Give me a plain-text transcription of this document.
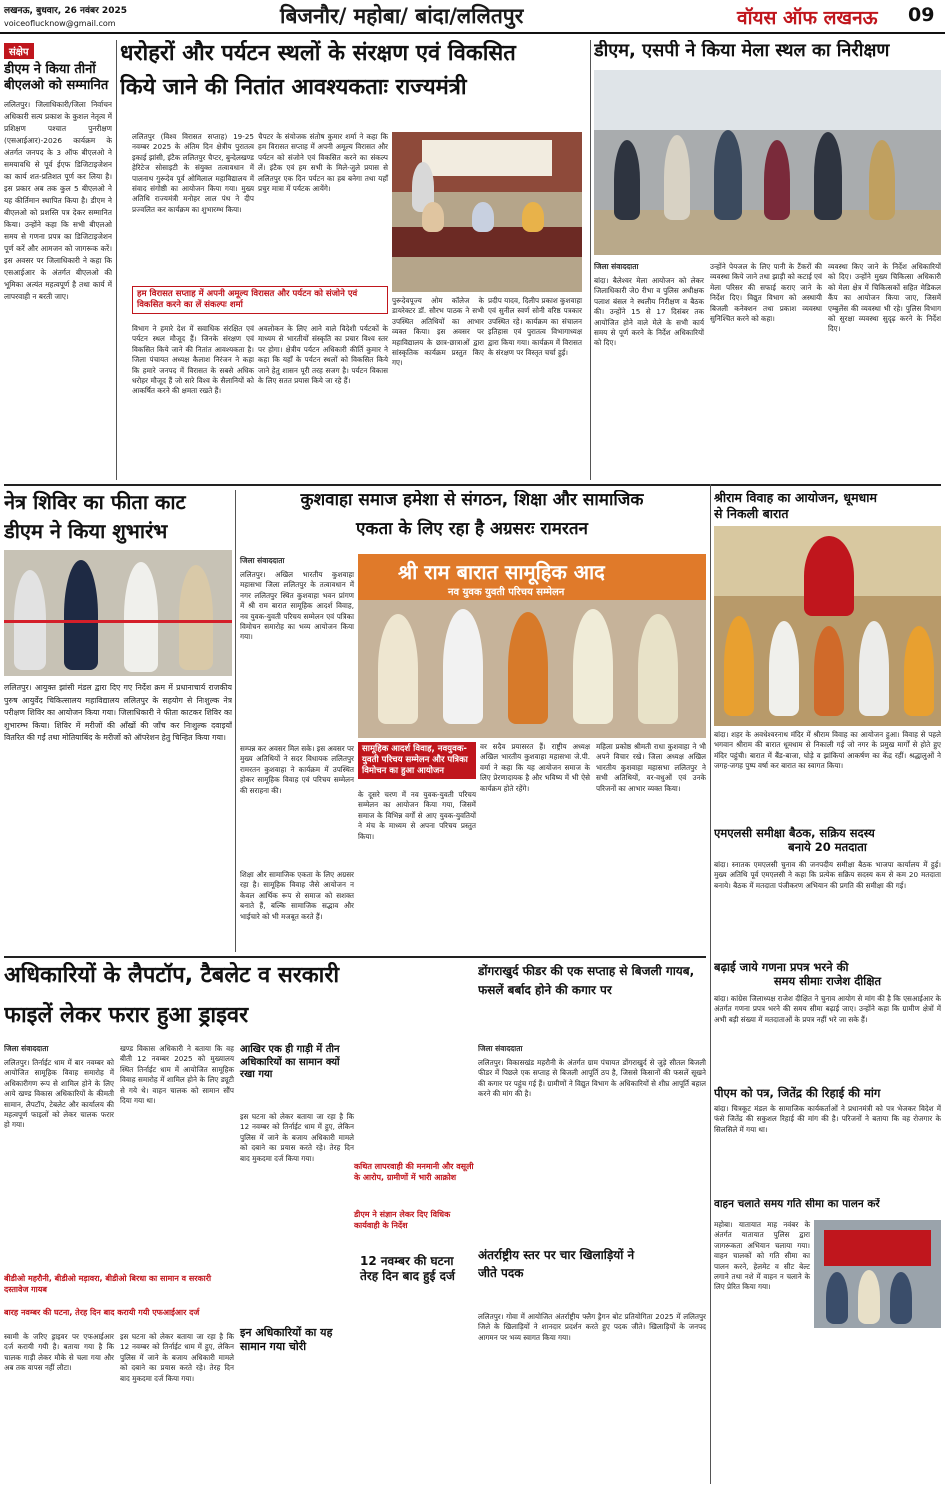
लखनऊ, बुधवार, 26 नवंबर 2025
voiceoflucknow@gmail.com	बिजनौर/ महोबा/ बांदा/ललितपुर	वॉयस ऑफ लखनऊ 09
संक्षेप
डीएम ने किया तीनों बीएलओ को सम्मानित
ललितपुर। जिलाधिकारी/जिला निर्वाचन अधिकारी सत्य प्रकाश के कुशल नेतृत्व में प्रशिक्षण पश्चात पुनरीक्षण (एसआईआर)-2026 कार्यक्रम के अंतर्गत जनपद के 3 ऑफ बीएलओ ने समयावधि से पूर्व ईएफ डिजिटाइजेशन का कार्य शत-प्रतिशत पूर्ण कर लिया है। इस प्रकार अब तक कुल 5 बीएलओ ने यह कीर्तिमान स्थापित किया है। डीएम ने बीएलओ को प्रशस्ति पत्र देकर सम्मानित किया। उन्होंने कहा कि सभी बीएलओ समय से गणना प्रपत्र का डिजिटाइजेशन पूर्ण करें और आमजन को जागरूक करें। इस अवसर पर जिलाधिकारी ने कहा कि एसआईआर के अंतर्गत बीएलओ की भूमिका अत्यंत महत्वपूर्ण है तथा कार्य में लापरवाही न बरती जाए।
धरोहरों और पर्यटन स्थलों के संरक्षण एवं विकसित
किये जाने की नितांत आवश्यकताः राज्यमंत्री
ललितपुर (विश्व विरासत सप्ताह) 19-25 नवम्बर 2025 के अंतिम दिन क्षेत्रीय पुरातत्व इकाई झांसी, इंटैक ललितपुर चैप्टर, बुन्देलखण्ड हेरिटेज सोसाइटी के संयुक्त तत्वावधान में पालनाथ गुरूदेव पूर्व ओमिलाल महाविद्यालय में संवाद संगोष्ठी का आयोजन किया गया। मुख्य अतिथि राज्यमंत्री मनोहर लाल पंथ ने दीप प्रज्वलित कर कार्यक्रम का शुभारम्भ किया।
चैपटर के संयोजक संतोष कुमार शर्मा ने कहा कि हम विरासत सप्ताह में अपनी अमूल्य विरासत और पर्यटन को संजोने एवं विकसित करने का संकल्प लें। इंटैक एवं हम सभी के मिले-जुले प्रयास से ललितपुर एक दिन पर्यटन का हब बनेगा तथा यहाँ प्रचुर मात्रा में पर्यटक आयेंगे।
हम विरासत सप्ताह में अपनी अमूल्य विरासत और पर्यटन को संजोने एवं विकसित करने का लें संकल्पः शर्मा
विभाग ने हमारे देश में सवाधिक संरक्षित एवं पर्यटन स्थल मौजूद हैं। जिनके संरक्षण एवं विकसित किये जाने की नितांत आवश्यकता है। जिला पंचायत अध्यक्ष कैलाश निरंजन ने कहा कि हमारे जनपद में विरासत के सबसे अधिक धरोहर मौजूद हैं जो सारे विश्व के सैलानियों को आकर्षित करने की क्षमता रखते हैं।
अवलोकन के लिए आने वाले विदेशी पर्यटकों के माध्यम से भारतीयों संस्कृति का प्रचार विश्व स्तर पर होगा। क्षेत्रीय पर्यटन अधिकारी कीर्ति कुमार ने कहा कि यहाँ के पर्यटन स्थलों को विकसित किये जाने हेतु शासन पूरी तरह सजग है। पर्यटन विकास के लिए सतत प्रयास किये जा रहे हैं।
पुरूदेवपूज्य ओम कॉलेज के डायरेक्टर डॉ. सौरभ पाठक ने सभी उपस्थित अतिथियों का आभार व्यक्त किया। इस अवसर पर महाविद्यालय के छात्र-छात्राओं द्वारा सांस्कृतिक कार्यक्रम प्रस्तुत किए गए।
प्रदीप यादव, दिलीप प्रकाश कुशवाहा एवं सुनील स्वर्ण सोनी वरिष्ठ पत्रकार उपस्थित रहे। कार्यक्रम का संचालन इतिहास एवं पुरातत्व विभागाध्यक्ष द्वारा किया गया। कार्यक्रम में विरासत के संरक्षण पर विस्तृत चर्चा हुई।
डीएम, एसपी ने किया मेला स्थल का निरीक्षण
जिला संवाददाता
बांदा। बैलेश्वर मेला आयोजन को लेकर जिलाधिकारी जे0 रीभा व पुलिस अधीक्षक पलाश बंसल ने स्थलीय निरीक्षण व बैठक की। उन्होंने 15 से 17 दिसंबर तक आयोजित होने वाले मेले के सभी कार्य समय से पूर्ण करने के निर्देश अधिकारियों को दिए।
उन्होंने पेयजल के लिए पानी के टैंकरों की व्यवस्था किये जाने तथा झाड़ी को कटाई एवं मेला परिसर की सफाई कराए जाने के निर्देश दिए। विद्युत विभाग को अस्थायी बिजली कनेक्शन तथा प्रकाश व्यवस्था सुनिश्चित करने को कहा।
व्यवस्था किए जाने के निर्देश अधिकारियों को दिए। उन्होंने मुख्य चिकित्सा अधिकारी को मेला क्षेत्र में चिकित्सकों सहित मेडिकल कैंप का आयोजन किया जाए, जिसमें एम्बुलेंस की व्यवस्था भी रहे। पुलिस विभाग को सुरक्षा व्यवस्था सुदृढ़ करने के निर्देश दिए।
नेत्र शिविर का फीता काट
डीएम ने किया शुभारंभ
ललितपुर। आयुक्त झांसी मंडल द्वारा दिए गए निर्देश क्रम में प्रधानाचार्य राजकीय पुरुष आयुर्वेद चिकित्सालय महाविद्यालय ललितपुर के सहयोग से निःशुल्क नेत्र परीक्षण शिविर का आयोजन किया गया। जिलाधिकारी ने फीता काटकर शिविर का शुभारम्भ किया। शिविर में मरीजों की आँखों की जाँच कर निःशुल्क दवाइयाँ वितरित की गईं तथा मोतियाबिंद के मरीजों को ऑपरेशन हेतु चिन्हित किया गया।
कुशवाहा समाज हमेशा से संगठन, शिक्षा और सामाजिक
एकता के लिए रहा है अग्रसरः रामरतन
जिला संवाददाता
ललितपुर। अखिल भारतीय कुशवाहा महासभा जिला ललितपुर के तत्वावधान में नगर ललितपुर स्थित कुशवाहा भवन प्रांगण में श्री राम बारात सामूहिक आदर्श विवाह, नव युवक-युवती परिचय सम्मेलन एवं पत्रिका विमोचन समारोह का भव्य आयोजन किया गया।
श्री राम बारात सामूहिक आद
नव युवक युवती परिचय सम्मेलन
सम्पन्न कर अवसर मिल सके। इस अवसर पर मुख्य अतिथियों ने सदर विधायक ललितपुर रामरतन कुशवाहा ने कार्यक्रम में उपस्थित होकर सामूहिक विवाह एवं परिचय सम्मेलन की सराहना की।
वर सदैव प्रयासरत हैं। राष्ट्रीय अध्यक्ष अखिल भारतीय कुशवाहा महासभा जे.पी. वर्मा ने कहा कि यह आयोजन समाज के लिए प्रेरणादायक है और भविष्य में भी ऐसे कार्यक्रम होते रहेंगे।
महिला प्रकोष्ठ श्रीमती राधा कुशवाहा ने भी अपने विचार रखे। जिला अध्यक्ष अखिल भारतीय कुशवाहा महासभा ललितपुर ने सभी अतिथियों, वर-वधुओं एवं उनके परिजनों का आभार व्यक्त किया।
सामूहिक आदर्श विवाह, नवयुवक-युवती परिचय सम्मेलन और पत्रिका विमोचन का हुआ आयोजन
के दूसरे चरण में नव युवक-युवती परिचय सम्मेलन का आयोजन किया गया, जिसमें समाज के विभिन्न वर्गों से आए युवक-युवतियों ने मंच के माध्यम से अपना परिचय प्रस्तुत किया।
शिक्षा और सामाजिक एकता के लिए अग्रसर रहा है। सामूहिक विवाह जैसे आयोजन न केवल आर्थिक रूप से समाज को सशक्त बनाते हैं, बल्कि सामाजिक सद्भाव और भाईचारे को भी मजबूत करते हैं।
श्रीराम विवाह का आयोजन, धूमधाम
से निकली बारात
बांदा। शहर के अवधेश्वरनाथ मंदिर में श्रीराम विवाह का आयोजन हुआ। विवाह से पहले भगवान श्रीराम की बारात धूमधाम से निकाली गई जो नगर के प्रमुख मार्गों से होते हुए मंदिर पहुंची। बारात में बैंड-बाजा, घोड़े व झांकियां आकर्षण का केंद्र रहीं। श्रद्धालुओं ने जगह-जगह पुष्प वर्षा कर बारात का स्वागत किया।
एमएलसी समीक्षा बैठक, सक्रिय सदस्य
बनाये 20 मतदाता
बांदा। स्नातक एमएलसी चुनाव की जनपदीय समीक्षा बैठक भाजपा कार्यालय में हुई। मुख्य अतिथि पूर्व एमएलसी ने कहा कि प्रत्येक सक्रिय सदस्य कम से कम 20 मतदाता बनाये। बैठक में मतदाता पंजीकरण अभियान की प्रगति की समीक्षा की गई।
बढ़ाई जाये गणना प्रपत्र भरने की
समय सीमाः राजेश दीक्षित
बांदा। कांग्रेस जिलाध्यक्ष राजेश दीक्षित ने चुनाव आयोग से मांग की है कि एसआईआर के अंतर्गत गणना प्रपत्र भरने की समय सीमा बढ़ाई जाए। उन्होंने कहा कि ग्रामीण क्षेत्रों में अभी बड़ी संख्या में मतदाताओं के प्रपत्र नहीं भरे जा सके हैं।
पीएम को पत्र, जितेंद्र की रिहाई की मांग
बांदा। चित्रकूट मंडल के सामाजिक कार्यकर्ताओं ने प्रधानमंत्री को पत्र भेजकर विदेश में फंसे जितेंद्र की सकुशल रिहाई की मांग की है। परिजनों ने बताया कि वह रोजगार के सिलसिले में गया था।
वाहन चलाते समय गति सीमा का पालन करें
महोबा। यातायात माह नवंबर के अंतर्गत यातायात पुलिस द्वारा जागरूकता अभियान चलाया गया। वाहन चालकों को गति सीमा का पालन करने, हेलमेट व सीट बेल्ट लगाने तथा नशे में वाहन न चलाने के लिए प्रेरित किया गया।
अधिकारियों के लैपटॉप, टैबलेट व सरकारी
फाइलें लेकर फरार हुआ ड्राइवर
जिला संवाददाता
ललितपुर। तिर्नाईट धाम में बार नवम्बर को आयोजित सामूहिक विवाह समारोह में अधिकारीगण रूप से शामिल होने के लिए आये खण्ड विकास अधिकारियों के कीमती सामान, लैपटॉप, टेबलेट और कार्यालय की महत्वपूर्ण फाइलों को लेकर चालक फरार हो गया।
बीडीओ महरौनी, बीडीओ मड़ावरा, बीडीओ बिरधा का सामान व सरकारी दस्तावेज गायब
बारह नवम्बर की घटना, तेरह दिन बाद करायी गयी एफआईआर दर्ज
स्वामी के जरिए ड्राइवर पर एफआईआर दर्ज करायी गयी है। बताया गया है कि चालक गाड़ी लेकर मौके से चला गया और अब तक वापस नहीं लौटा।
खण्ड विकास अधिकारी ने बताया कि वह बीती 12 नवम्बर 2025 को मुख्यालय स्थित तिर्नाईट धाम में आयोजित सामूहिक विवाह समारोह में शामिल होने के लिए ड्यूटी से गये थे। वाहन चालक को सामान सौंप दिया गया था।
इस घटना को लेकर बताया जा रहा है कि 12 नवम्बर को तिर्नाईट धाम में हुए, लेकिन पुलिस में जाने के बजाय अधिकारी मामले को दबाने का प्रयास करते रहे। तेरह दिन बाद मुकदमा दर्ज किया गया।
आखिर एक ही गाड़ी में तीन अधिकारियों का सामान क्यों रखा गया
इस घटना को लेकर बताया जा रहा है कि 12 नवम्बर को तिर्नाईट धाम में हुए, लेकिन पुलिस में जाने के बजाय अधिकारी मामले को दबाने का प्रयास करते रहे। तेरह दिन बाद मुकदमा दर्ज किया गया।
कथित लापरवाही की मनमानी और वसूली के आरोप, ग्रामीणों में भारी आक्रोश
डीएम ने संज्ञान लेकर दिए विधिक कार्यवाही के निर्देश
इन अधिकारियों का यह सामान गया चोरी
12 नवम्बर की घटना तेरह दिन बाद हुई दर्ज
डोंगराखुर्द फीडर की एक सप्ताह से बिजली गायब, फसलें बर्बाद होने की कगार पर
जिला संवाददाता
ललितपुर। विकासखंड महरौनी के अंतर्गत ग्राम पंचायत डोंगराखुर्द से जुड़े सीतल बिजली फीडर में पिछले एक सप्ताह से बिजली आपूर्ति ठप है, जिससे किसानों की फसलें सूखने की कगार पर पहुंच गई हैं। ग्रामीणों ने विद्युत विभाग के अधिकारियों से शीघ्र आपूर्ति बहाल करने की मांग की है।
अंतर्राष्ट्रीय स्तर पर चार खिलाड़ियों ने जीते पदक
ललितपुर। गोवा में आयोजित अंतर्राष्ट्रीय फ्लैग ड्रैगन बोट प्रतियोगिता 2025 में ललितपुर जिले के खिलाड़ियों ने शानदार प्रदर्शन करते हुए पदक जीते। खिलाड़ियों के जनपद आगमन पर भव्य स्वागत किया गया।
